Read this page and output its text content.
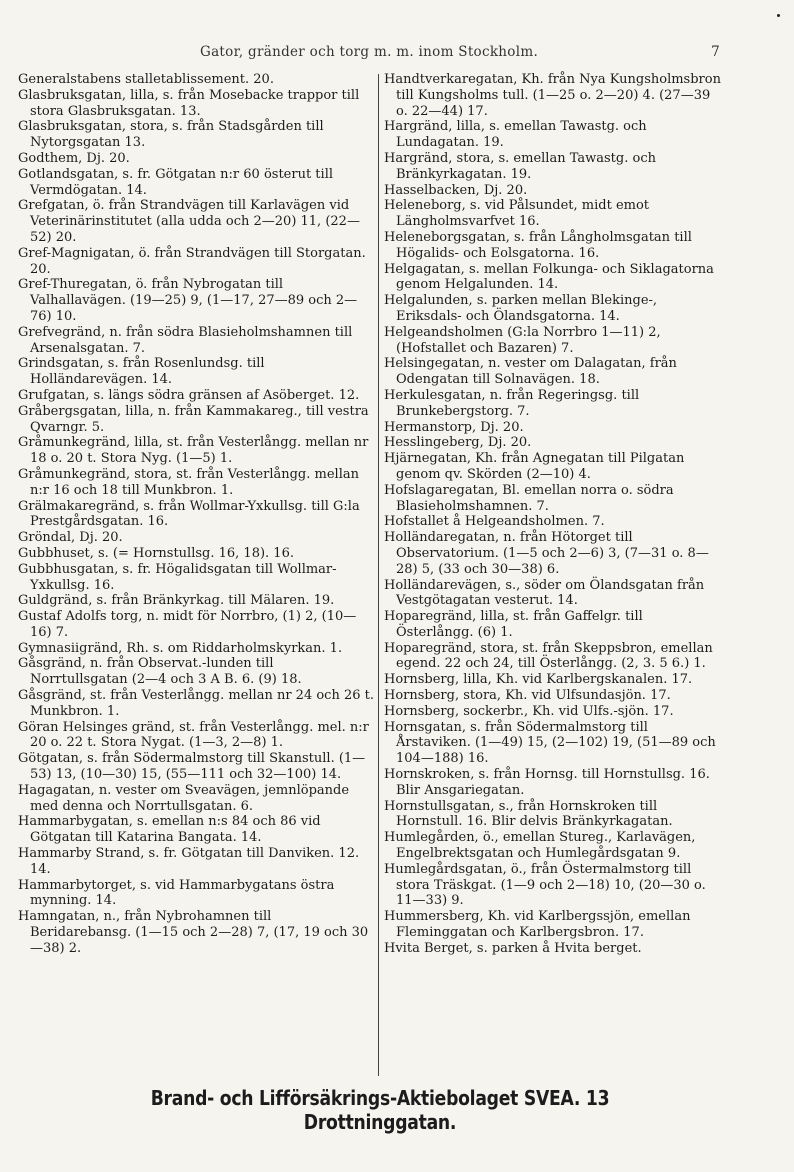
Gator, gränder och torg m. m. inom Stockholm.	7

Generalstabens stalletablissement. 20.

Glasbruksgatan, lilla, s. från Mosebacke trappor till stora Glasbruksgatan. 13.

Glasbruksgatan, stora, s. från Stadsgården till Nytorgsgatan 13.

Godthem, Dj. 20.

Gotlandsgatan, s. fr. Götgatan n:r 60 österut till Vermdögatan. 14.

Grefgatan, ö. från Strandvägen till Karlavägen vid Veterinärinstitutet (alla udda och 2—20) 11, (22—52) 20.

Gref-Magnigatan, ö. från Strandvägen till Storgatan. 20.

Gref-Thuregatan, ö. från Nybrogatan till Valhallavägen. (19—25) 9, (1—17, 27—89 och 2—76) 10.

Grefvegränd, n. från södra Blasieholmshamnen till Arsenalsgatan. 7.

Grindsgatan, s. från Rosenlundsg. till Holländarevägen. 14.

Grufgatan, s. längs södra gränsen af Asöberget. 12.

Gråbergsgatan, lilla, n. från Kammakareg., till vestra Qvarngr. 5.

Gråmunkegränd, lilla, st. från Vesterlångg. mellan nr 18 o. 20 t. Stora Nyg. (1—5) 1.

Gråmunkegränd, stora, st. från Vesterlångg. mellan n:r 16 och 18 till Munkbron. 1.

Grälmakaregränd, s. från Wollmar-Yxkullsg. till G:la Prestgårdsgatan. 16.

Gröndal, Dj. 20.

Gubbhuset, s. (= Hornstullsg. 16, 18). 16.

Gubbhusgatan, s. fr. Högalidsgatan till Wollmar-Yxkullsg. 16.

Guldgränd, s. från Bränkyrkag. till Mälaren. 19.

Gustaf Adolfs torg, n. midt för Norrbro, (1) 2, (10—16) 7.

Gymnasiigränd, Rh. s. om Riddarholmskyrkan. 1.

Gåsgränd, n. från Observat.-lunden till Norrtullsgatan (2—4 och 3 A B. 6. (9) 18.

Gåsgränd, st. från Vesterlångg. mellan nr 24 och 26 t. Munkbron. 1.

Göran Helsinges gränd, st. från Vesterlångg. mel. n:r 20 o. 22 t. Stora Nygat. (1—3, 2—8) 1.

Götgatan, s. från Södermalmstorg till Skanstull. (1—53) 13, (10—30) 15, (55—111 och 32—100) 14.

Hagagatan, n. vester om Sveavägen, jemnlöpande med denna och Norrtullsgatan. 6.

Hammarbygatan, s. emellan n:s 84 och 86 vid Götgatan till Katarina Bangata. 14.

Hammarby Strand, s. fr. Götgatan till Danviken. 12. 14.

Hammarbytorget, s. vid Hammarbygatans östra mynning. 14.

Hamngatan, n., från Nybrohamnen till Beridarebansg. (1—15 och 2—28) 7, (17, 19 och 30—38) 2.

Handtverkaregatan, Kh. från Nya Kungsholmsbron till Kungsholms tull. (1—25 o. 2—20) 4. (27—39 o. 22—44) 17.

Hargränd, lilla, s. emellan Tawastg. och Lundagatan. 19.

Hargränd, stora, s. emellan Tawastg. och Bränkyrkagatan. 19.

Hasselbacken, Dj. 20.

Heleneborg, s. vid Pålsundet, midt emot Längholmsvarfvet 16.

Heleneborgsgatan, s. från Långholmsgatan till Högalids- och Eolsgatorna. 16.

Helgagatan, s. mellan Folkunga- och Siklagatorna genom Helgalunden. 14.

Helgalunden, s. parken mellan Blekinge-, Eriksdals- och Ölandsgatorna. 14.

Helgeandsholmen (G:la Norrbro 1—11) 2, (Hofstallet och Bazaren) 7.

Helsingegatan, n. vester om Dalagatan, från Odengatan till Solnavägen. 18.

Herkulesgatan, n. från Regeringsg. till Brunkebergstorg. 7.

Hermanstorp, Dj. 20.

Hesslingeberg, Dj. 20.

Hjärnegatan, Kh. från Agnegatan till Pilgatan genom qv. Skörden (2—10) 4.

Hofslagaregatan, Bl. emellan norra o. södra Blasieholmshamnen. 7.

Hofstallet å Helgeandsholmen. 7.

Holländaregatan, n. från Hötorget till Observatorium. (1—5 och 2—6) 3, (7—31 o. 8—28) 5, (33 och 30—38) 6.

Holländarevägen, s., söder om Ölandsgatan från Vestgötagatan vesterut. 14.

Hoparegränd, lilla, st. från Gaffelgr. till Österlångg. (6) 1.

Hoparegränd, stora, st. från Skeppsbron, emellan egend. 22 och 24, till Österlångg. (2, 3. 5 6.) 1.

Hornsberg, lilla, Kh. vid Karlbergskanalen. 17.

Hornsberg, stora, Kh. vid Ulfsundasjön. 17.

Hornsberg, sockerbr., Kh. vid Ulfs.-sjön. 17.

Hornsgatan, s. från Södermalmstorg till Årstaviken. (1—49) 15, (2—102) 19, (51—89 och 104—188) 16.

Hornskroken, s. från Hornsg. till Hornstullsg. 16. Blir Ansgariegatan.

Hornstullsgatan, s., från Hornskroken till Hornstull. 16. Blir delvis Bränkyrkagatan.

Humlegården, ö., emellan Stureg., Karlavägen, Engelbrektsgatan och Humlegårdsgatan 9.

Humlegårdsgatan, ö., från Östermalmstorg till stora Träskgat. (1—9 och 2—18) 10, (20—30 o. 11—33) 9.

Hummersberg, Kh. vid Karlbergssjön, emellan Fleminggatan och Karlbergsbron. 17.

Hvita Berget, s. parken å Hvita berget.

Brand- och Lifförsäkrings-Aktiebolaget SVEA. 13 Drottninggatan.
